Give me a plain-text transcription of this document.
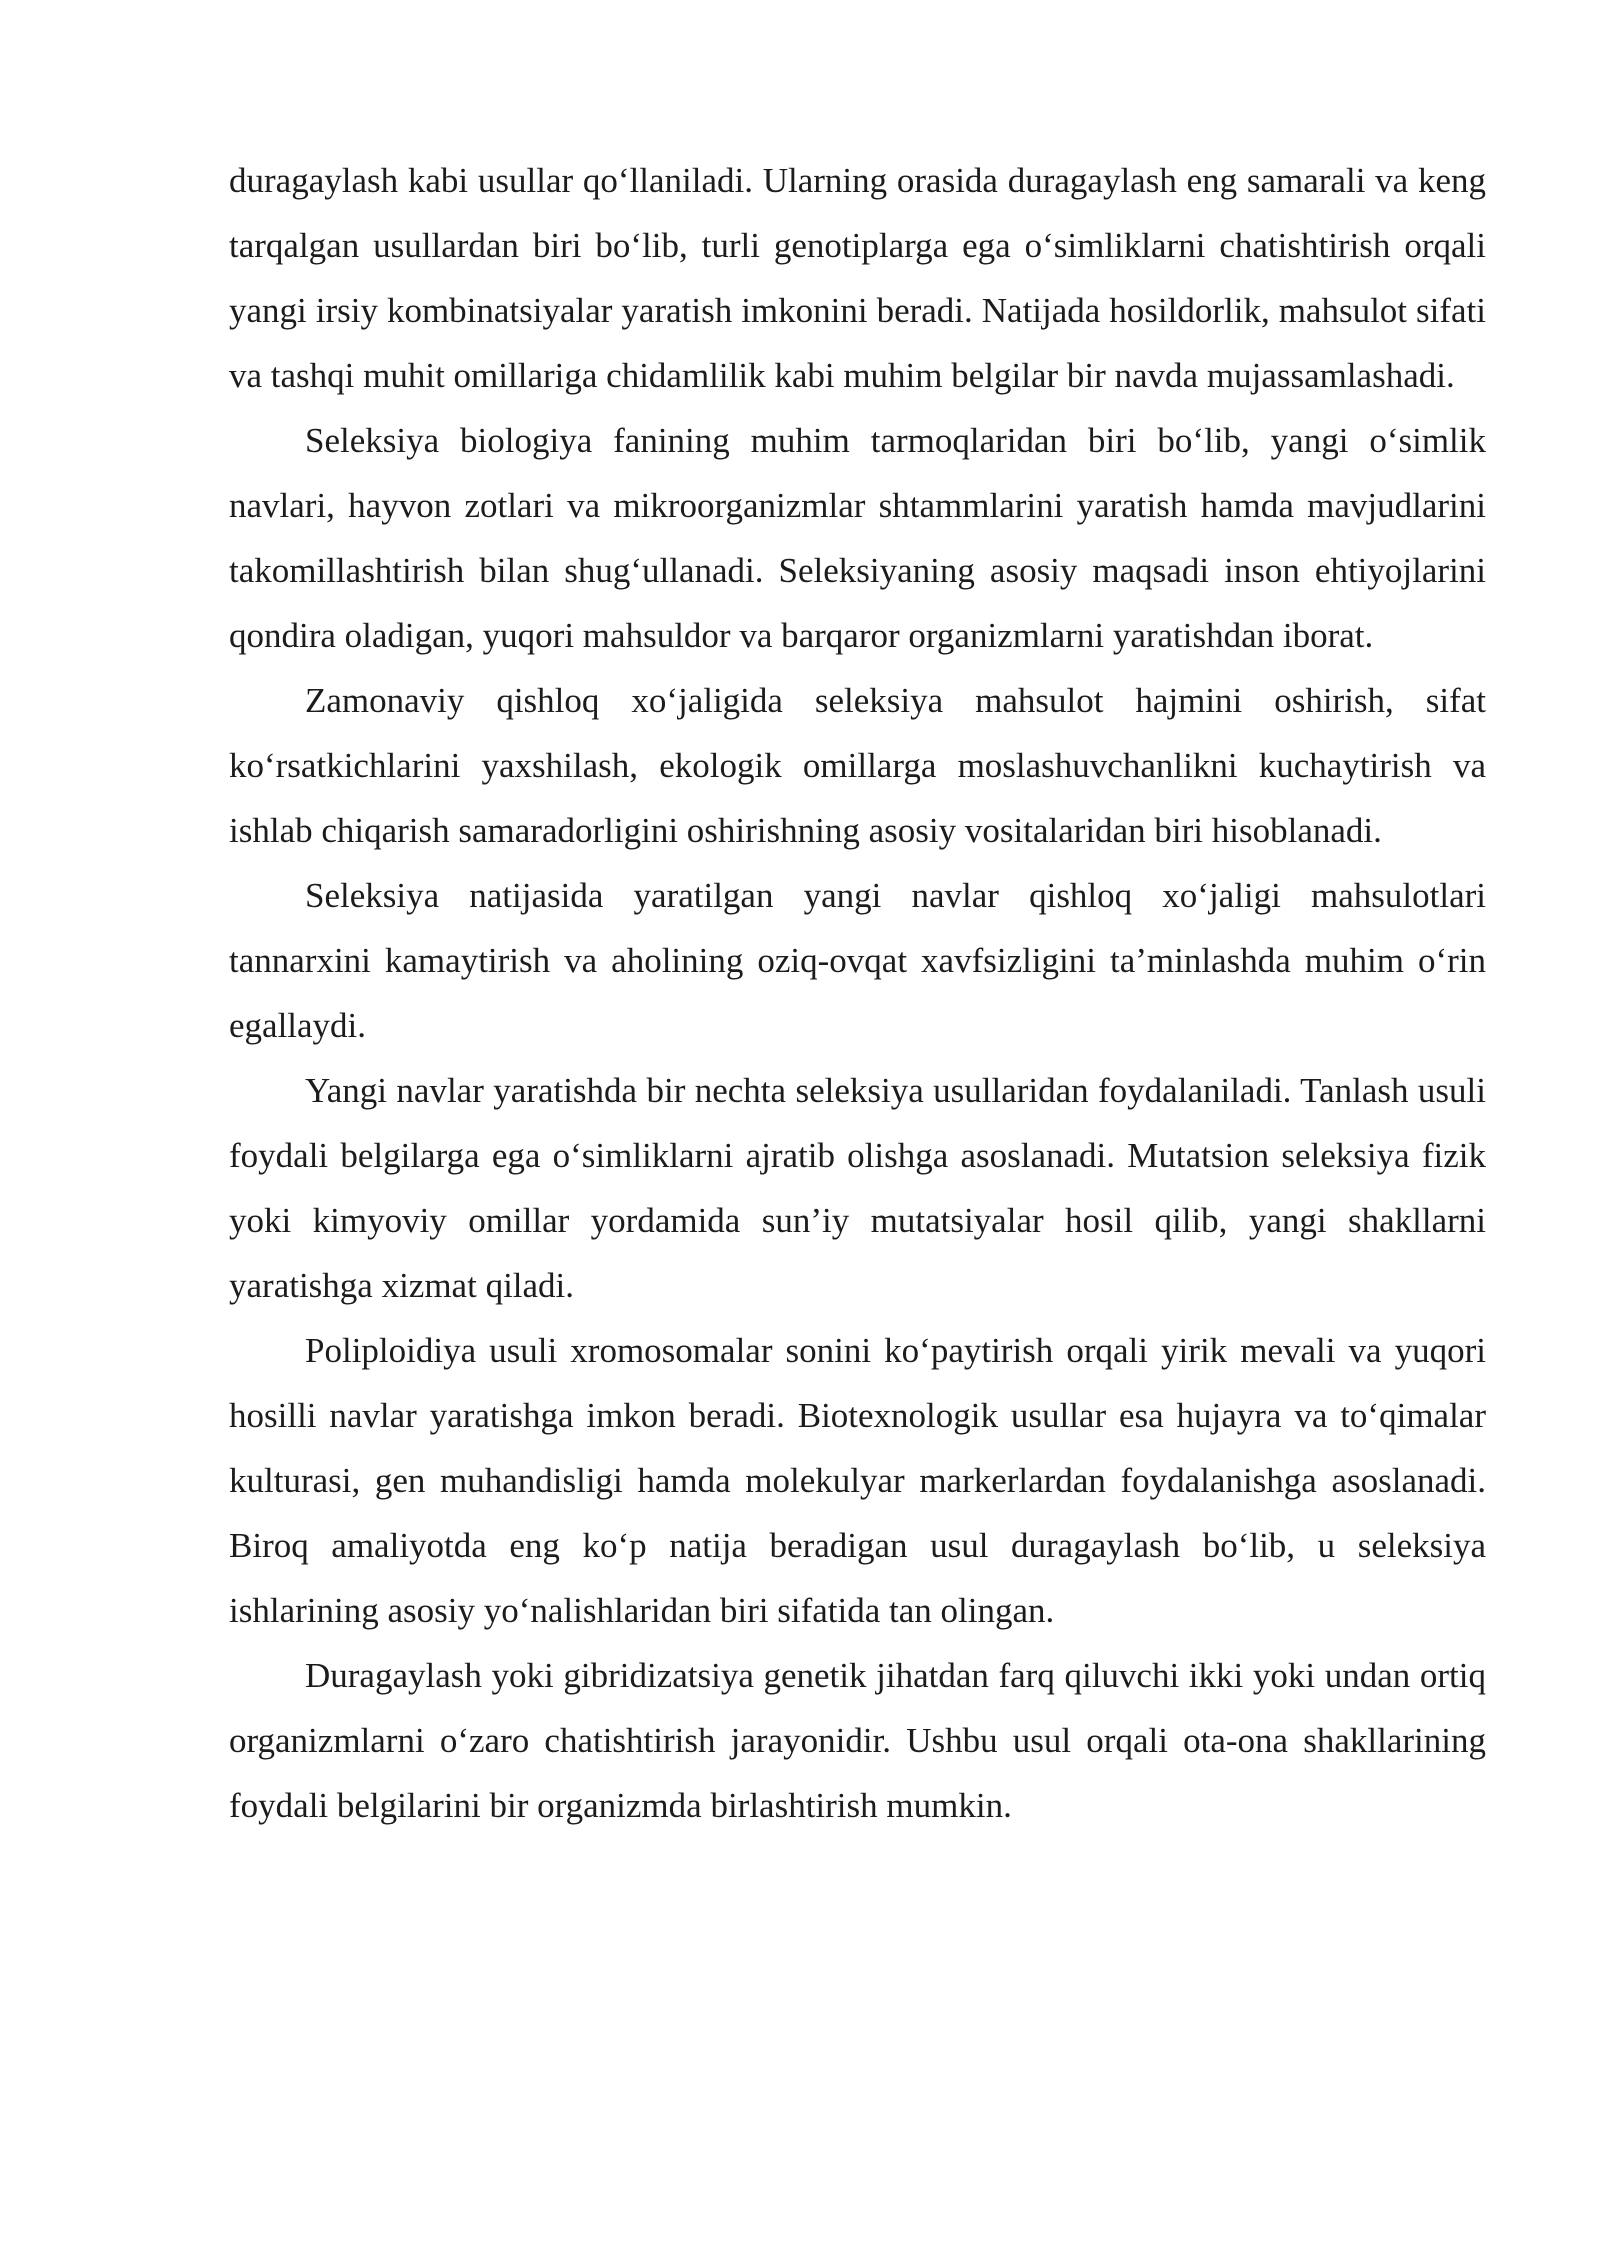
duragaylash kabi usullar qo‘llaniladi. Ularning orasida duragaylash eng samarali va keng tarqalgan usullardan biri bo‘lib, turli genotiplarga ega o‘simliklarni chatishtirish orqali yangi irsiy kombinatsiyalar yaratish imkonini beradi. Natijada hosildorlik, mahsulot sifati va tashqi muhit omillariga chidamlilik kabi muhim belgilar bir navda mujassamlashadi.

Seleksiya biologiya fanining muhim tarmoqlaridan biri bo‘lib, yangi o‘simlik navlari, hayvon zotlari va mikroorganizmlar shtammlarini yaratish hamda mavjudlarini takomillashtirish bilan shug‘ullanadi. Seleksiyaning asosiy maqsadi inson ehtiyojlarini qondira oladigan, yuqori mahsuldor va barqaror organizmlarni yaratishdan iborat.

Zamonaviy qishloq xo‘jaligida seleksiya mahsulot hajmini oshirish, sifat ko‘rsatkichlarini yaxshilash, ekologik omillarga moslashuvchanlikni kuchaytirish va ishlab chiqarish samaradorligini oshirishning asosiy vositalaridan biri hisoblanadi.

Seleksiya natijasida yaratilgan yangi navlar qishloq xo‘jaligi mahsulotlari tannarxini kamaytirish va aholining oziq-ovqat xavfsizligini ta’minlashda muhim o‘rin egallaydi.

Yangi navlar yaratishda bir nechta seleksiya usullaridan foydalaniladi. Tanlash usuli foydali belgilarga ega o‘simliklarni ajratib olishga asoslanadi. Mutatsion seleksiya fizik yoki kimyoviy omillar yordamida sun’iy mutatsiyalar hosil qilib, yangi shakllarni yaratishga xizmat qiladi.

Poliploidiya usuli xromosomalar sonini ko‘paytirish orqali yirik mevali va yuqori hosilli navlar yaratishga imkon beradi. Biotexnologik usullar esa hujayra va to‘qimalar kulturasi, gen muhandisligi hamda molekulyar markerlardan foydalanishga asoslanadi. Biroq amaliyotda eng ko‘p natija beradigan usul duragaylash bo‘lib, u seleksiya ishlarining asosiy yo‘nalishlaridan biri sifatida tan olingan.

Duragaylash yoki gibridizatsiya genetik jihatdan farq qiluvchi ikki yoki undan ortiq organizmlarni o‘zaro chatishtirish jarayonidir. Ushbu usul orqali ota-ona shakllarining foydali belgilarini bir organizmda birlashtirish mumkin.
